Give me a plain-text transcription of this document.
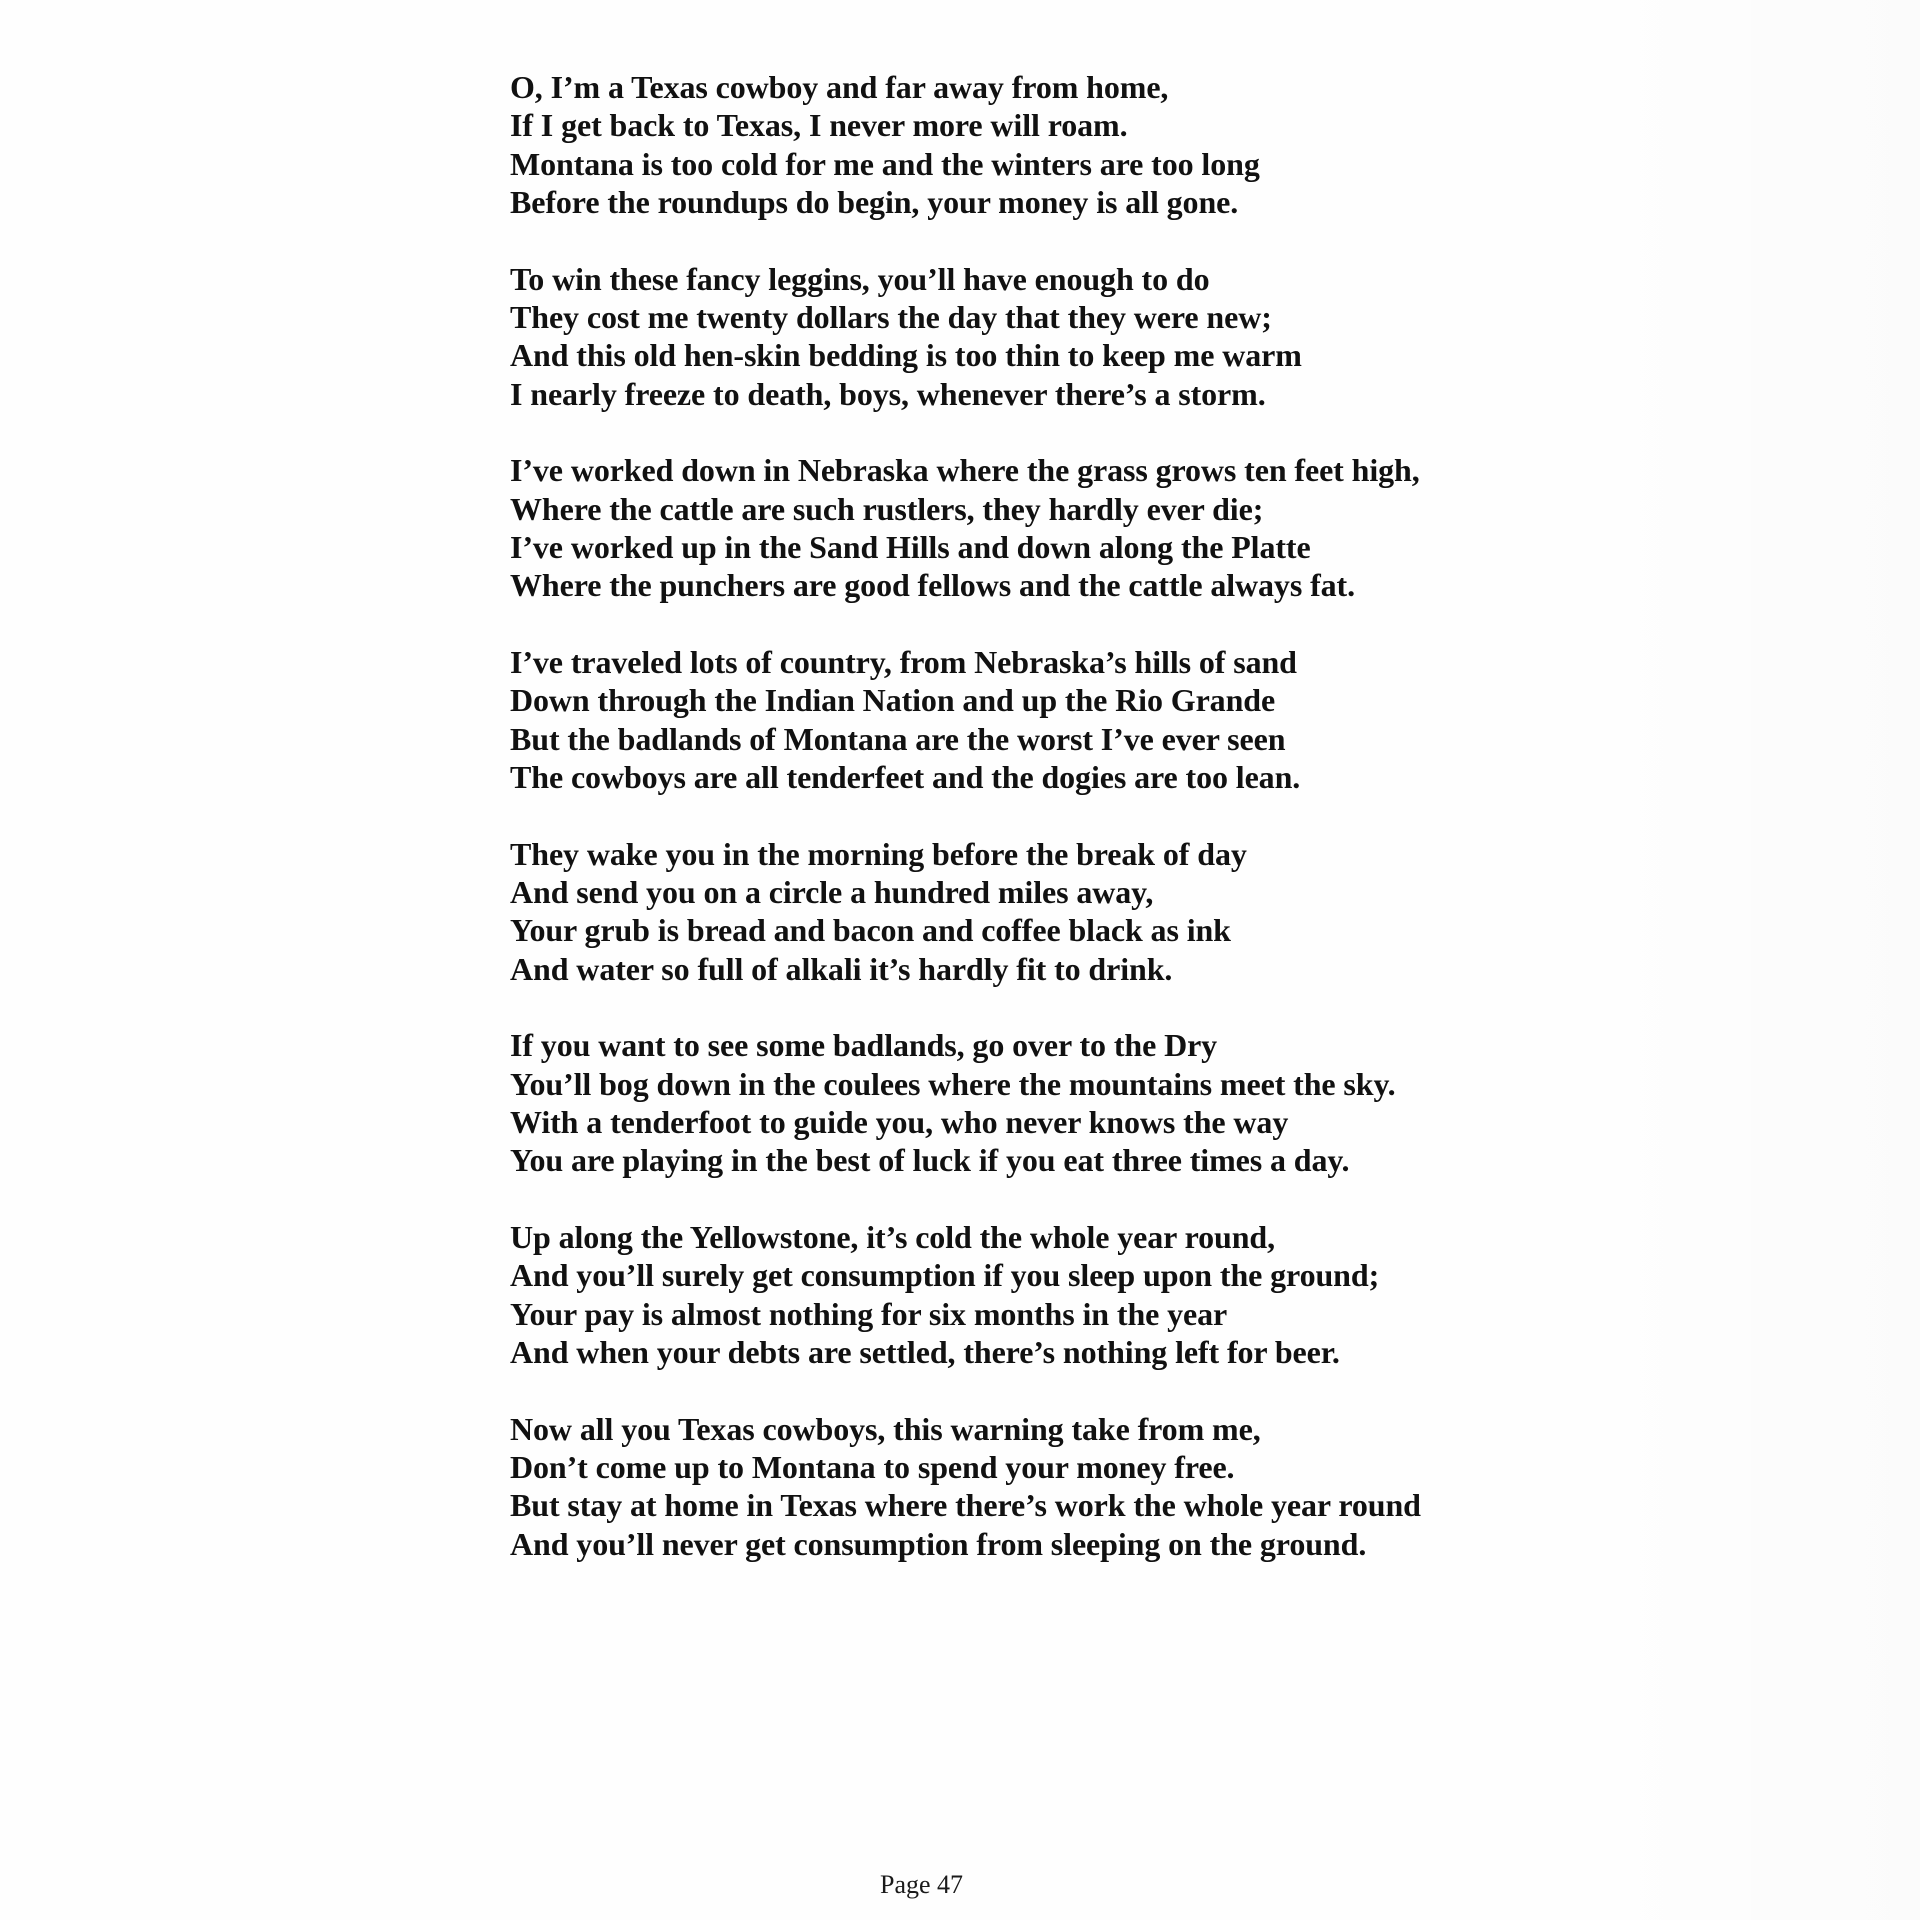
O, I’m a Texas cowboy and far away from home,
If I get back to Texas, I never more will roam.
Montana is too cold for me and the winters are too long
Before the roundups do begin, your money is all gone.
To win these fancy leggins, you’ll have enough to do
They cost me twenty dollars the day that they were new;
And this old hen-skin bedding is too thin to keep me warm
I nearly freeze to death, boys, whenever there’s a storm.
I’ve worked down in Nebraska where the grass grows ten feet high,
Where the cattle are such rustlers, they hardly ever die;
I’ve worked up in the Sand Hills and down along the Platte
Where the punchers are good fellows and the cattle always fat.
I’ve traveled lots of country, from Nebraska’s hills of sand
Down through the Indian Nation and up the Rio Grande
But the badlands of Montana are the worst I’ve ever seen
The cowboys are all tenderfeet and the dogies are too lean.
They wake you in the morning before the break of day
And send you on a circle a hundred miles away,
Your grub is bread and bacon and coffee black as ink
And water so full of alkali it’s hardly fit to drink.
If you want to see some badlands, go over to the Dry
You’ll bog down in the coulees where the mountains meet the sky.
With a tenderfoot to guide you, who never knows the way
You are playing in the best of luck if you eat three times a day.
Up along the Yellowstone, it’s cold the whole year round,
And you’ll surely get consumption if you sleep upon the ground;
Your pay is almost nothing for six months in the year
And when your debts are settled, there’s nothing left for beer.
Now all you Texas cowboys, this warning take from me,
Don’t come up to Montana to spend your money free.
But stay at home in Texas where there’s work the whole year round
And you’ll never get consumption from sleeping on the ground.
Page 47
